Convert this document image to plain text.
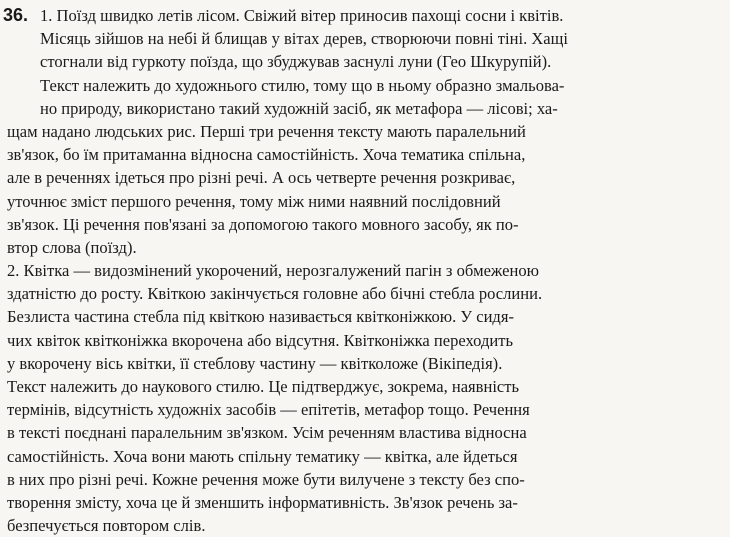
36. 1. Поїзд швидко летів лісом. Свіжий вітер приносив пахощі сосни і квітів.
Місяць зійшов на небі й блищав у вітах дерев, створюючи повні тіні. Хащі
стогнали від гуркоту поїзда, що збуджував заснулі луни (Гео Шкурупій).
Текст належить до художнього стилю, тому що в ньому образно змальова-
но природу, використано такий художній засіб, як метафора — лісові; ха-
щам надано людських рис. Перші три речення тексту мають паралельний
зв'язок, бо їм притаманна відносна самостійність. Хоча тематика спільна,
але в реченнях ідеться про різні речі. А ось четверте речення розкриває,
уточнює зміст першого речення, тому між ними наявний послідовний
зв'язок. Ці речення пов'язані за допомогою такого мовного засобу, як по-
втор слова (поїзд).
2. Квітка — видозмінений укорочений, нерозгалужений пагін з обмеженою
здатністю до росту. Квіткою закінчується головне або бічні стебла рослини.
Безлиста частина стебла під квіткою називається квітконіжкою. У сидя-
чих квіток квітконіжка вкорочена або відсутня. Квітконіжка переходить
у вкорочену вісь квітки, її стеблову частину — квітколоже (Вікіпедія).
Текст належить до наукового стилю. Це підтверджує, зокрема, наявність
термінів, відсутність художніх засобів — епітетів, метафор тощо. Речення
в тексті поєднані паралельним зв'язком. Усім реченням властива відносна
самостійність. Хоча вони мають спільну тематику — квітка, але йдеться
в них про різні речі. Кожне речення може бути вилучене з тексту без спо-
творення змісту, хоча це й зменшить інформативність. Зв'язок речень за-
безпечується повтором слів.
